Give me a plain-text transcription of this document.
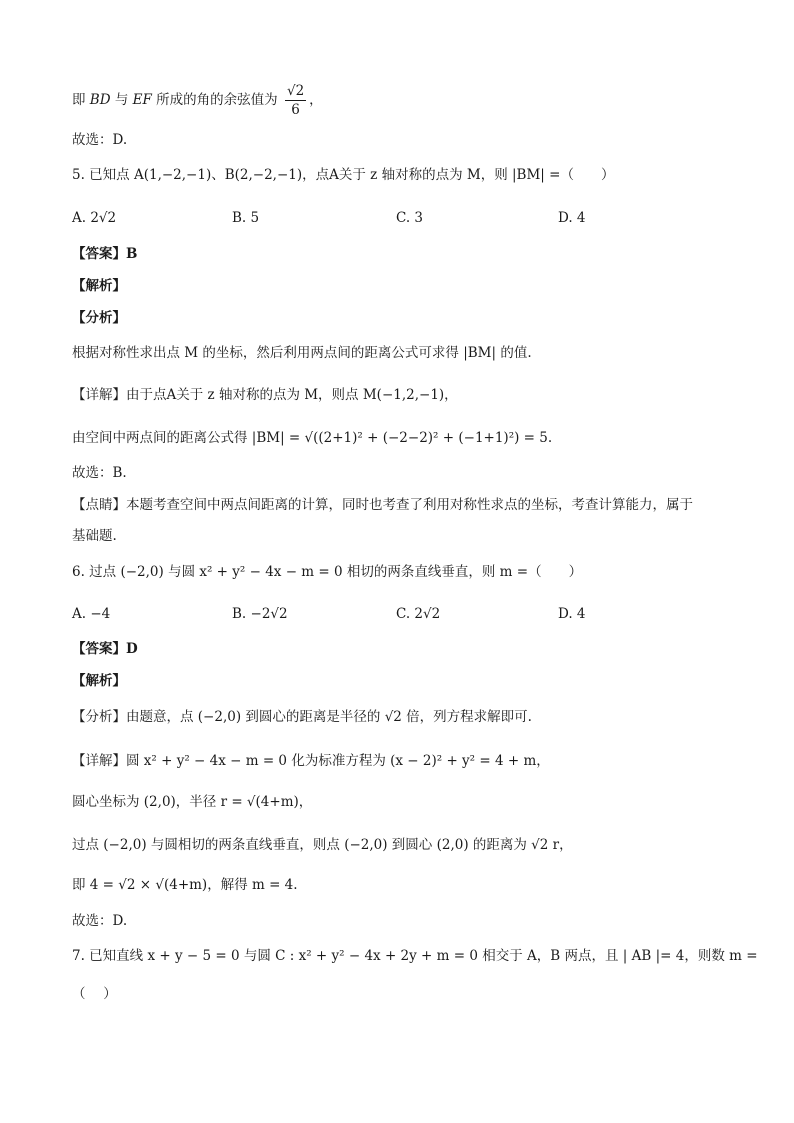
即 BD 与 EF 所成的角的余弦值为 $\frac{√2}{6}$ ，
故选：D.
5. 已知点 A(1,−2,−1)、B(2,−2,−1)，点A关于 z 轴对称的点为 M，则 |BM| =（　　）
A. 2√2	B. 5	C. 3	D. 4
【答案】B
【解析】
【分析】
根据对称性求出点 M 的坐标，然后利用两点间的距离公式可求得 |BM| 的值.
【详解】由于点A关于 z 轴对称的点为 M，则点 M(−1,2,−1)，
由空间中两点间的距离公式得 |BM| = √((2+1)² + (−2−2)² + (−1+1)²) = 5.
故选：B.
【点睛】本题考查空间中两点间距离的计算，同时也考查了利用对称性求点的坐标，考查计算能力，属于
基础题.
6. 过点 (−2,0) 与圆 x² + y² − 4x − m = 0 相切的两条直线垂直，则 m =（　　）
A. −4	B. −2√2	C. 2√2	D. 4
【答案】D
【解析】
【分析】由题意，点 (−2,0) 到圆心的距离是半径的 √2 倍，列方程求解即可.
【详解】圆 x² + y² − 4x − m = 0 化为标准方程为 (x − 2)² + y² = 4 + m，
圆心坐标为 (2,0)，半径 r = √(4+m)，
过点 (−2,0) 与圆相切的两条直线垂直，则点 (−2,0) 到圆心 (2,0) 的距离为 √2 r，
即 4 = √2 × √(4+m)，解得 m = 4.
故选：D.
7. 已知直线 x + y − 5 = 0 与圆 C : x² + y² − 4x + 2y + m = 0 相交于 A，B 两点，且 | AB |= 4，则数 m =
（　 ）
